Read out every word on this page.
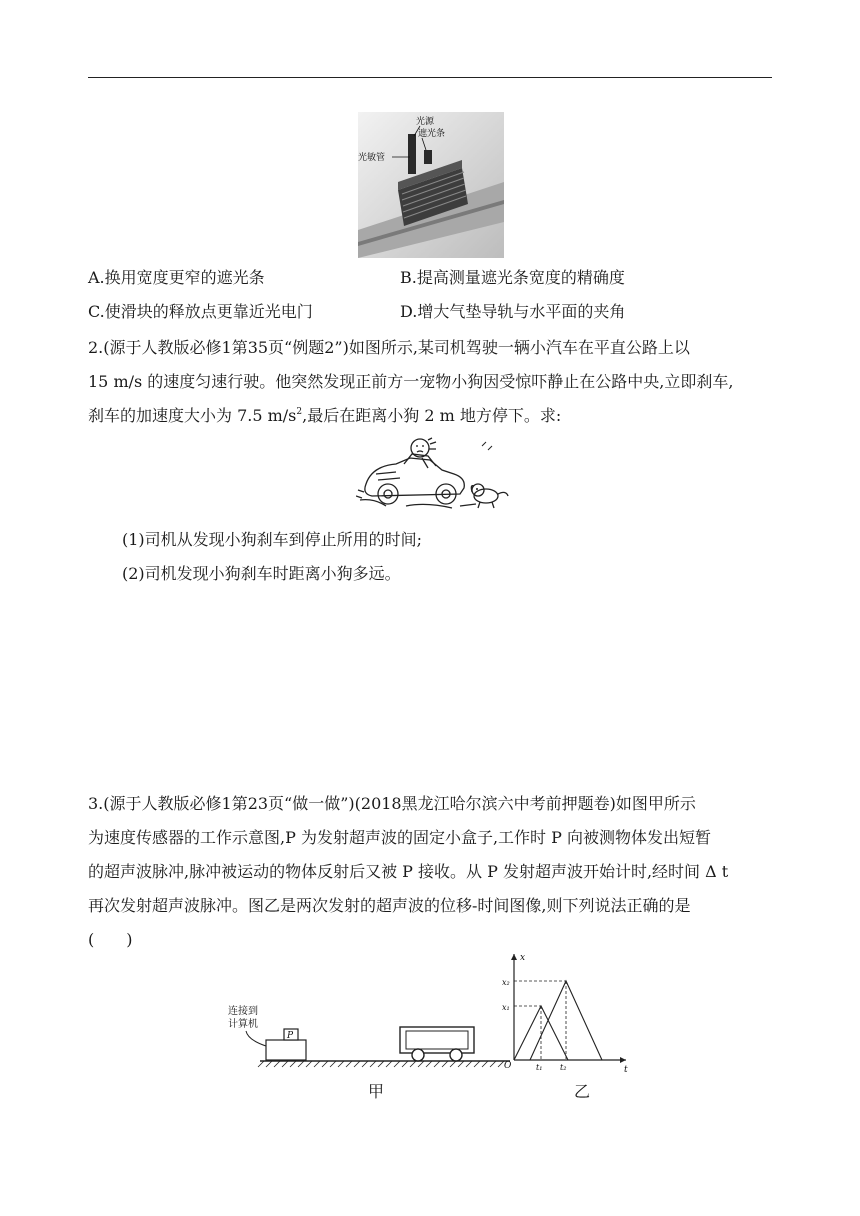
光源
遮光条
光敏管
A.换用宽度更窄的遮光条	B.提高测量遮光条宽度的精确度
C.使滑块的释放点更靠近光电门	D.增大气垫导轨与水平面的夹角
2.(源于人教版必修1第35页“例题2”)如图所示,某司机驾驶一辆小汽车在平直公路上以
15 m/s 的速度匀速行驶。他突然发现正前方一宠物小狗因受惊吓静止在公路中央,立即刹车,
刹车的加速度大小为 7.5 $m/s^2$,最后在距离小狗 2 m 地方停下。求:
(1)司机从发现小狗刹车到停止所用的时间;
(2)司机发现小狗刹车时距离小狗多远。
3.(源于人教版必修1第23页“做一做”)(2018黑龙江哈尔滨六中考前押题卷)如图甲所示
为速度传感器的工作示意图,P 为发射超声波的固定小盒子,工作时 P 向被测物体发出短暂
的超声波脉冲,脉冲被运动的物体反射后又被 P 接收。从 P 发射超声波开始计时,经时间 Δ t
再次发射超声波脉冲。图乙是两次发射的超声波的位移-时间图像,则下列说法正确的是
(　　)
连接到
计算机
P
甲
O
x
t
x₂
x₁
t₁ t₂
乙
